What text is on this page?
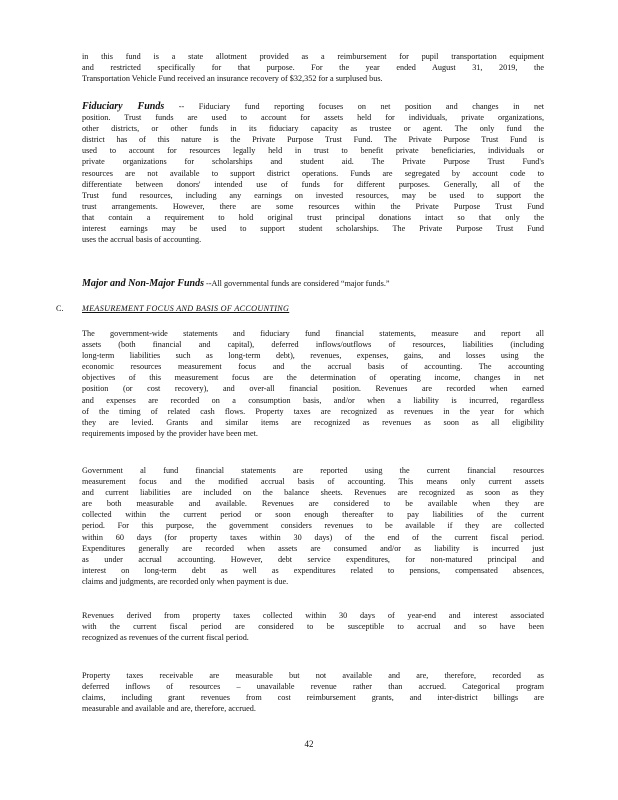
in this fund is a state allotment provided as a reimbursement for pupil transportation equipment
and restricted specifically for that purpose. For the year ended August 31, 2019, the
Transportation Vehicle Fund received an insurance recovery of $32,352 for a surplused bus.
Fiduciary Funds -- Fiduciary fund reporting focuses on net position and changes in net
position. Trust funds are used to account for assets held for individuals, private organizations,
other districts, or other funds in its fiduciary capacity as trustee or agent. The only fund the
district has of this nature is the Private Purpose Trust Fund. The Private Purpose Trust Fund is
used to account for resources legally held in trust to benefit private beneficiaries, individuals or
private organizations for scholarships and student aid. The Private Purpose Trust Fund's
resources are not available to support district operations. Funds are segregated by account code to
differentiate between donors' intended use of funds for different purposes. Generally, all of the
Trust fund resources, including any earnings on invested resources, may be used to support the
trust arrangements. However, there are some resources within the Private Purpose Trust Fund
that contain a requirement to hold original trust principal donations intact so that only the
interest earnings may be used to support student scholarships. The Private Purpose Trust Fund
uses the accrual basis of accounting.
Major and Non-Major Funds --All governmental funds are considered “major funds.”
C. MEASUREMENT FOCUS AND BASIS OF ACCOUNTING
The government-wide statements and fiduciary fund financial statements, measure and report all
assets (both financial and capital), deferred inflows/outflows of resources, liabilities (including
long-term liabilities such as long-term debt), revenues, expenses, gains, and losses using the
economic resources measurement focus and the accrual basis of accounting. The accounting
objectives of this measurement focus are the determination of operating income, changes in net
position (or cost recovery), and over-all financial position. Revenues are recorded when earned
and expenses are recorded on a consumption basis, and/or when a liability is incurred, regardless
of the timing of related cash flows. Property taxes are recognized as revenues in the year for which
they are levied. Grants and similar items are recognized as revenues as soon as all eligibility
requirements imposed by the provider have been met.
Government al fund financial statements are reported using the current financial resources
measurement focus and the modified accrual basis of accounting. This means only current assets
and current liabilities are included on the balance sheets. Revenues are recognized as soon as they
are both measurable and available. Revenues are considered to be available when they are
collected within the current period or soon enough thereafter to pay liabilities of the current
period. For this purpose, the government considers revenues to be available if they are collected
within 60 days (for property taxes within 30 days) of the end of the current fiscal period.
Expenditures generally are recorded when assets are consumed and/or as liability is incurred just
as under accrual accounting. However, debt service expenditures, for non-matured principal and
interest on long-term debt as well as expenditures related to pensions, compensated absences,
claims and judgments, are recorded only when payment is due.
Revenues derived from property taxes collected within 30 days of year-end and interest associated
with the current fiscal period are considered to be susceptible to accrual and so have been
recognized as revenues of the current fiscal period.
Property taxes receivable are measurable but not available and are, therefore, recorded as
deferred inflows of resources – unavailable revenue rather than accrued. Categorical program
claims, including grant revenues from cost reimbursement grants, and inter-district billings are
measurable and available and are, therefore, accrued.
42
